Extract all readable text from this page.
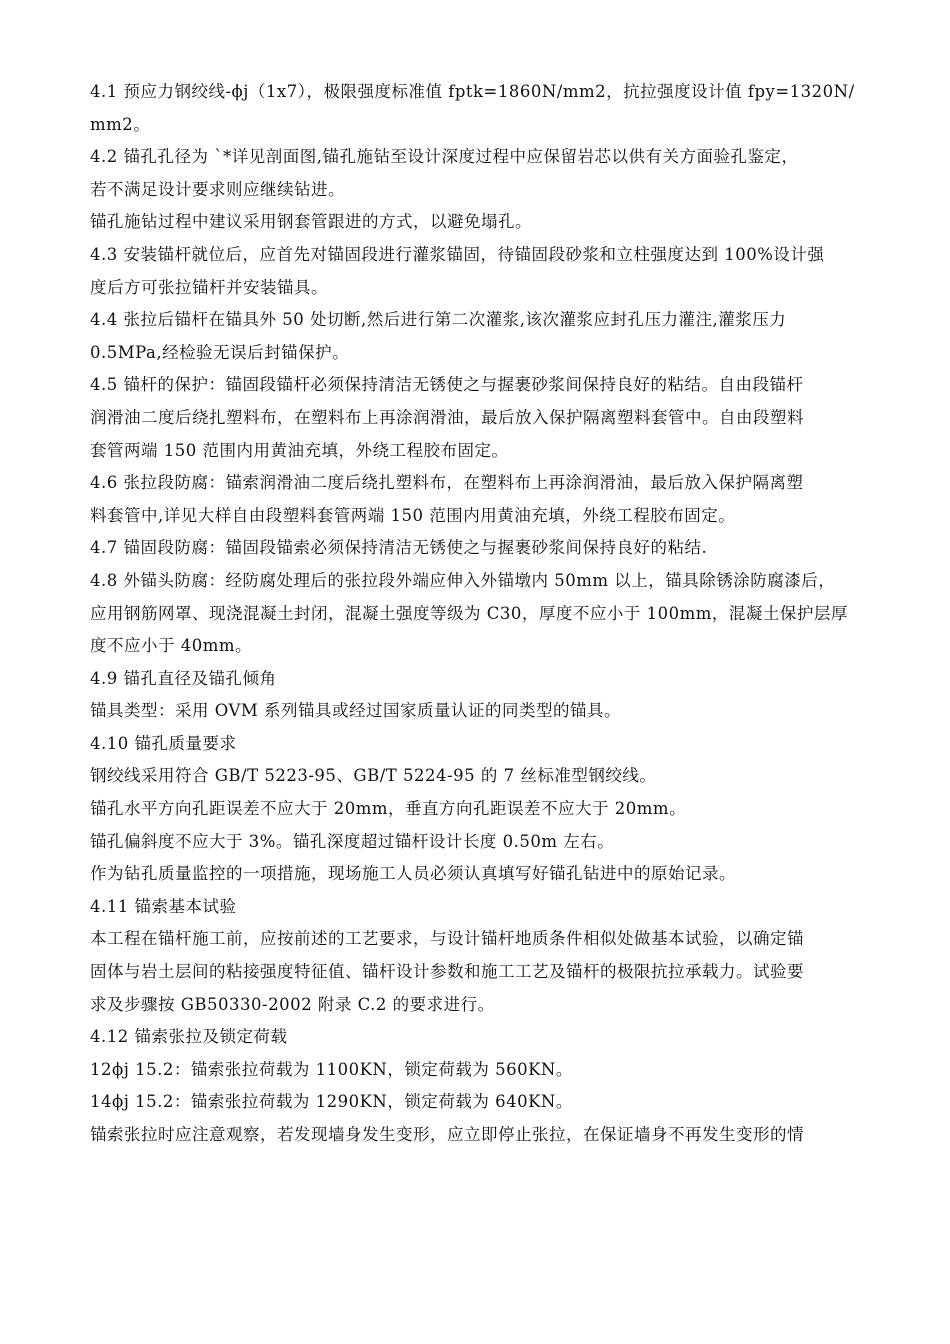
4.1 预应力钢绞线-ϕj（1x7），极限强度标准值 fptk=1860N/mm2，抗拉强度设计值 fpy=1320N/
mm2。
4.2 锚孔孔径为 `*详见剖面图,锚孔施钻至设计深度过程中应保留岩芯以供有关方面验孔鉴定，
若不满足设计要求则应继续钻进。
锚孔施钻过程中建议采用钢套管跟进的方式，以避免塌孔。
4.3 安装锚杆就位后，应首先对锚固段进行灌浆锚固，待锚固段砂浆和立柱强度达到 100%设计强
度后方可张拉锚杆并安装锚具。
4.4 张拉后锚杆在锚具外 50 处切断,然后进行第二次灌浆,该次灌浆应封孔压力灌注,灌浆压力
0.5MPa,经检验无误后封锚保护。
4.5 锚杆的保护：锚固段锚杆必须保持清洁无锈使之与握裹砂浆间保持良好的粘结。自由段锚杆
润滑油二度后绕扎塑料布，在塑料布上再涂润滑油，最后放入保护隔离塑料套管中。自由段塑料
套管两端 150 范围内用黄油充填，外绕工程胶布固定。
4.6 张拉段防腐：锚索润滑油二度后绕扎塑料布，在塑料布上再涂润滑油，最后放入保护隔离塑
料套管中,详见大样自由段塑料套管两端 150 范围内用黄油充填，外绕工程胶布固定。
4.7 锚固段防腐：锚固段锚索必须保持清洁无锈使之与握裹砂浆间保持良好的粘结.
4.8 外锚头防腐：经防腐处理后的张拉段外端应伸入外锚墩内 50mm 以上，锚具除锈涂防腐漆后，
应用钢筋网罩、现浇混凝土封闭，混凝土强度等级为 C30，厚度不应小于 100mm，混凝土保护层厚
度不应小于 40mm。
4.9 锚孔直径及锚孔倾角
锚具类型：采用 OVM 系列锚具或经过国家质量认证的同类型的锚具。
4.10 锚孔质量要求
钢绞线采用符合 GB/T 5223-95、GB/T 5224-95 的 7 丝标准型钢绞线。
锚孔水平方向孔距误差不应大于 20mm，垂直方向孔距误差不应大于 20mm。
锚孔偏斜度不应大于 3%。锚孔深度超过锚杆设计长度 0.50m 左右。
作为钻孔质量监控的一项措施，现场施工人员必须认真填写好锚孔钻进中的原始记录。
4.11 锚索基本试验
本工程在锚杆施工前，应按前述的工艺要求，与设计锚杆地质条件相似处做基本试验，以确定锚
固体与岩土层间的粘接强度特征值、锚杆设计参数和施工工艺及锚杆的极限抗拉承载力。试验要
求及步骤按 GB50330-2002 附录 C.2 的要求进行。
4.12 锚索张拉及锁定荷载
12ϕj 15.2：锚索张拉荷载为 1100KN，锁定荷载为 560KN。
14ϕj 15.2：锚索张拉荷载为 1290KN，锁定荷载为 640KN。
锚索张拉时应注意观察，若发现墙身发生变形，应立即停止张拉，在保证墙身不再发生变形的情
